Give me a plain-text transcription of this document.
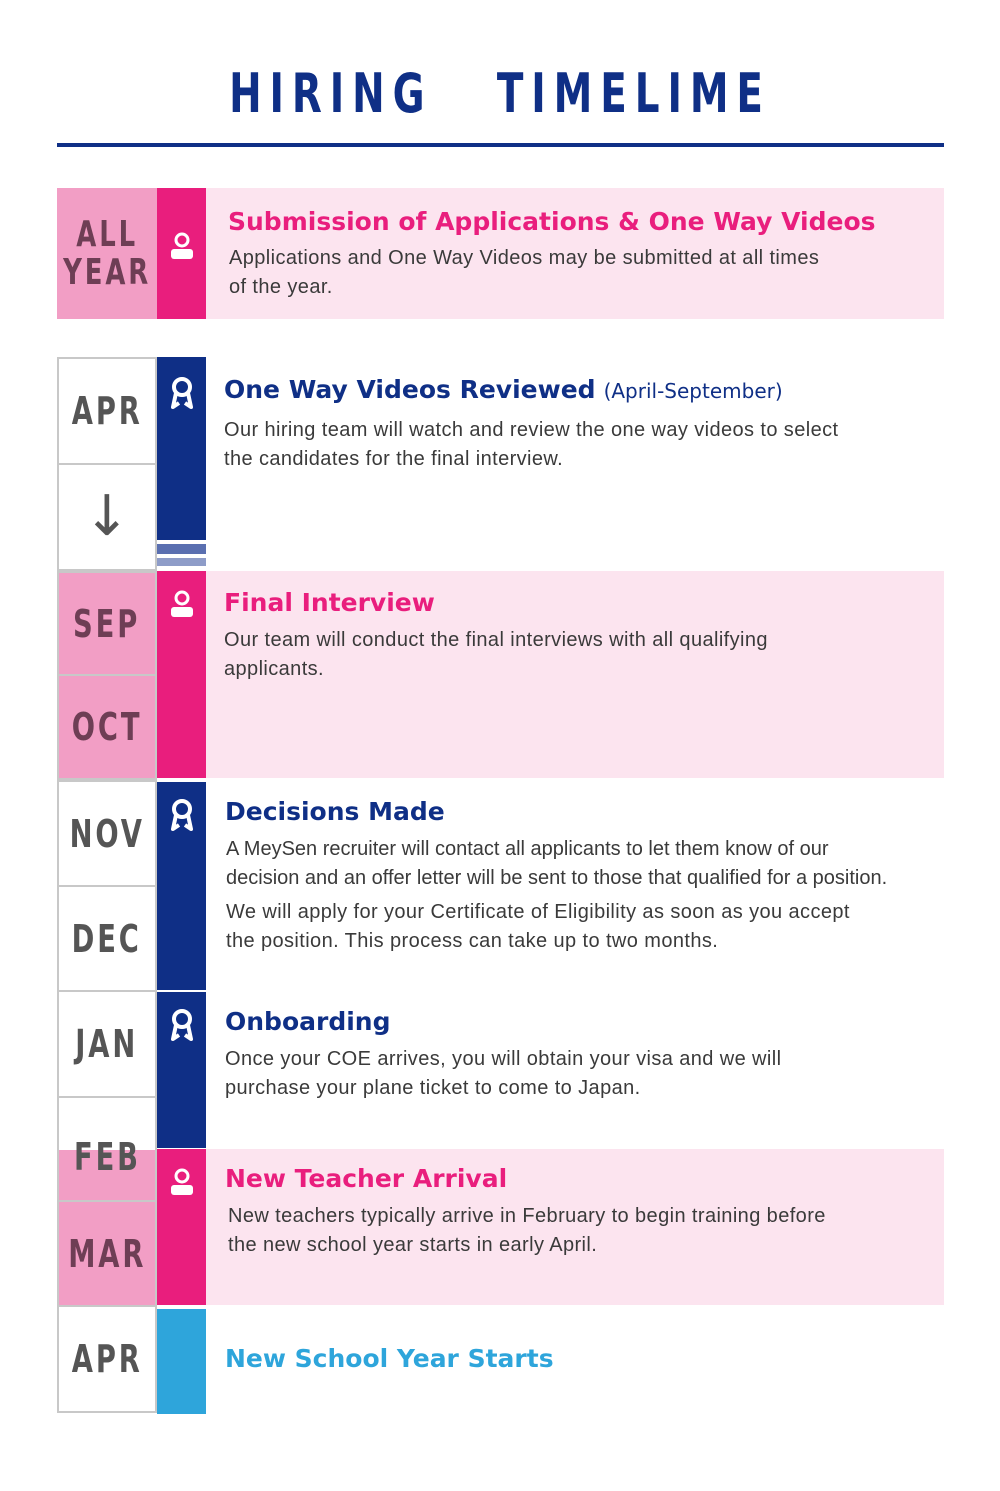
HIRING   TIMELIME
ALL
YEAR
Submission of Applications & One Way Videos
Applications and One Way Videos may be submitted at all times
of the year.
APR
↓
SEP
OCT
NOV
DEC
JAN
FEB
MAR
APR
One Way Videos Reviewed (April-September)
Our hiring team will watch and review the one way videos to select
the candidates for the final interview.
Final Interview
Our team will conduct the final interviews with all qualifying
applicants.
Decisions Made
A MeySen recruiter will contact all applicants to let them know of our
decision and an offer letter will be sent to those that qualified for a position.
We will apply for your Certificate of Eligibility as soon as you accept
the position. This process can take up to two months.
Onboarding
Once your COE arrives, you will obtain your visa and we will
purchase your plane ticket to come to Japan.
New Teacher Arrival
New teachers typically arrive in February to begin training before
the new school year starts in early April.
New School Year Starts
